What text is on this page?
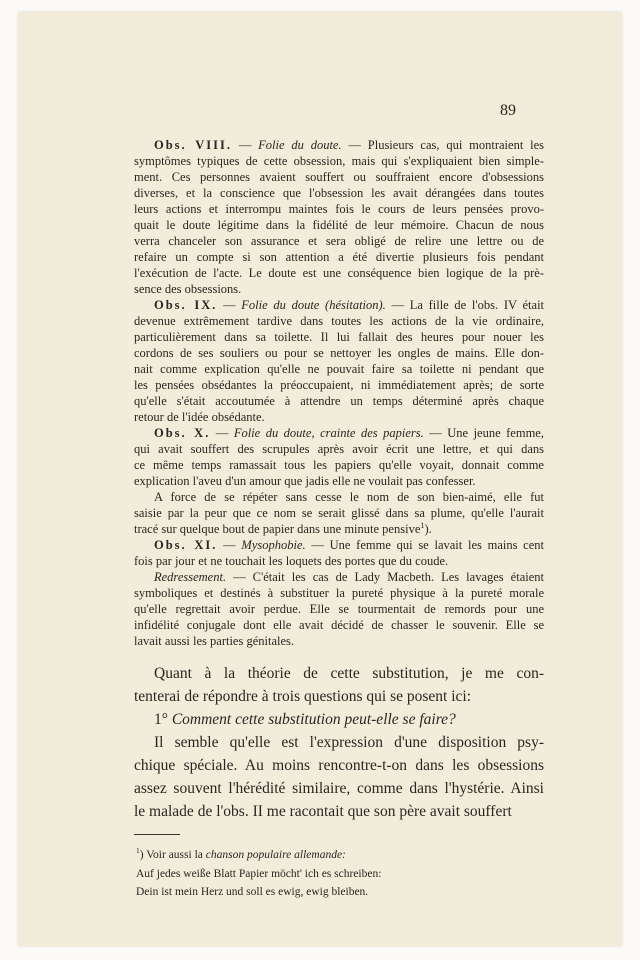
89
Obs. VIII. — Folie du doute. — Plusieurs cas, qui montraient les
symptômes typiques de cette obsession, mais qui s'expliquaient bien simple-
ment. Ces personnes avaient souffert ou souffraient encore d'obsessions
diverses, et la conscience que l'obsession les avait dérangées dans toutes
leurs actions et interrompu maintes fois le cours de leurs pensées provo-
quait le doute légitime dans la fidélité de leur mémoire. Chacun de nous
verra chanceler son assurance et sera obligé de relire une lettre ou de
refaire un compte si son attention a été divertie plusieurs fois pendant
l'exécution de l'acte. Le doute est une conséquence bien logique de la prè-
sence des obsessions.
Obs. IX. — Folie du doute (hésitation). — La fille de l'obs. IV était
devenue extrêmement tardive dans toutes les actions de la vie ordinaire,
particulièrement dans sa toilette. Il lui fallait des heures pour nouer les
cordons de ses souliers ou pour se nettoyer les ongles de mains. Elle don-
nait comme explication qu'elle ne pouvait faire sa toilette ni pendant que
les pensées obsédantes la préoccupaient, ni immédiatement après; de sorte
qu'elle s'était accoutumée à attendre un temps déterminé après chaque
retour de l'idée obsédante.
Obs. X. — Folie du doute, crainte des papiers. — Une jeune femme,
qui avait souffert des scrupules après avoir écrit une lettre, et qui dans
ce même temps ramassait tous les papiers qu'elle voyait, donnait comme
explication l'aveu d'un amour que jadis elle ne voulait pas confesser.
A force de se répéter sans cesse le nom de son bien-aimé, elle fut
saisie par la peur que ce nom se serait glissé dans sa plume, qu'elle l'aurait
tracé sur quelque bout de papier dans une minute pensive$^1$).
Obs. XI. — Mysophobie. — Une femme qui se lavait les mains cent
fois par jour et ne touchait les loquets des portes que du coude.
Redressement. — C'était les cas de Lady Macbeth. Les lavages étaient
symboliques et destinés à substituer la pureté physique à la pureté morale
qu'elle regrettait avoir perdue. Elle se tourmentait de remords pour une
infidélité conjugale dont elle avait décidé de chasser le souvenir. Elle se
lavait aussi les parties génitales.
Quant à la théorie de cette substitution, je me con-
tenterai de répondre à trois questions qui se posent ici:
1° Comment cette substitution peut-elle se faire?
Il semble qu'elle est l'expression d'une disposition psy-
chique spéciale. Au moins rencontre-t-on dans les obsessions
assez souvent l'hérédité similaire, comme dans l'hystérie. Ainsi
le malade de l'obs. II me racontait que son père avait souffert
$^1$) Voir aussi la chanson populaire allemande:
Auf jedes weiße Blatt Papier möcht' ich es schreiben:
Dein ist mein Herz und soll es ewig, ewig bleiben.
